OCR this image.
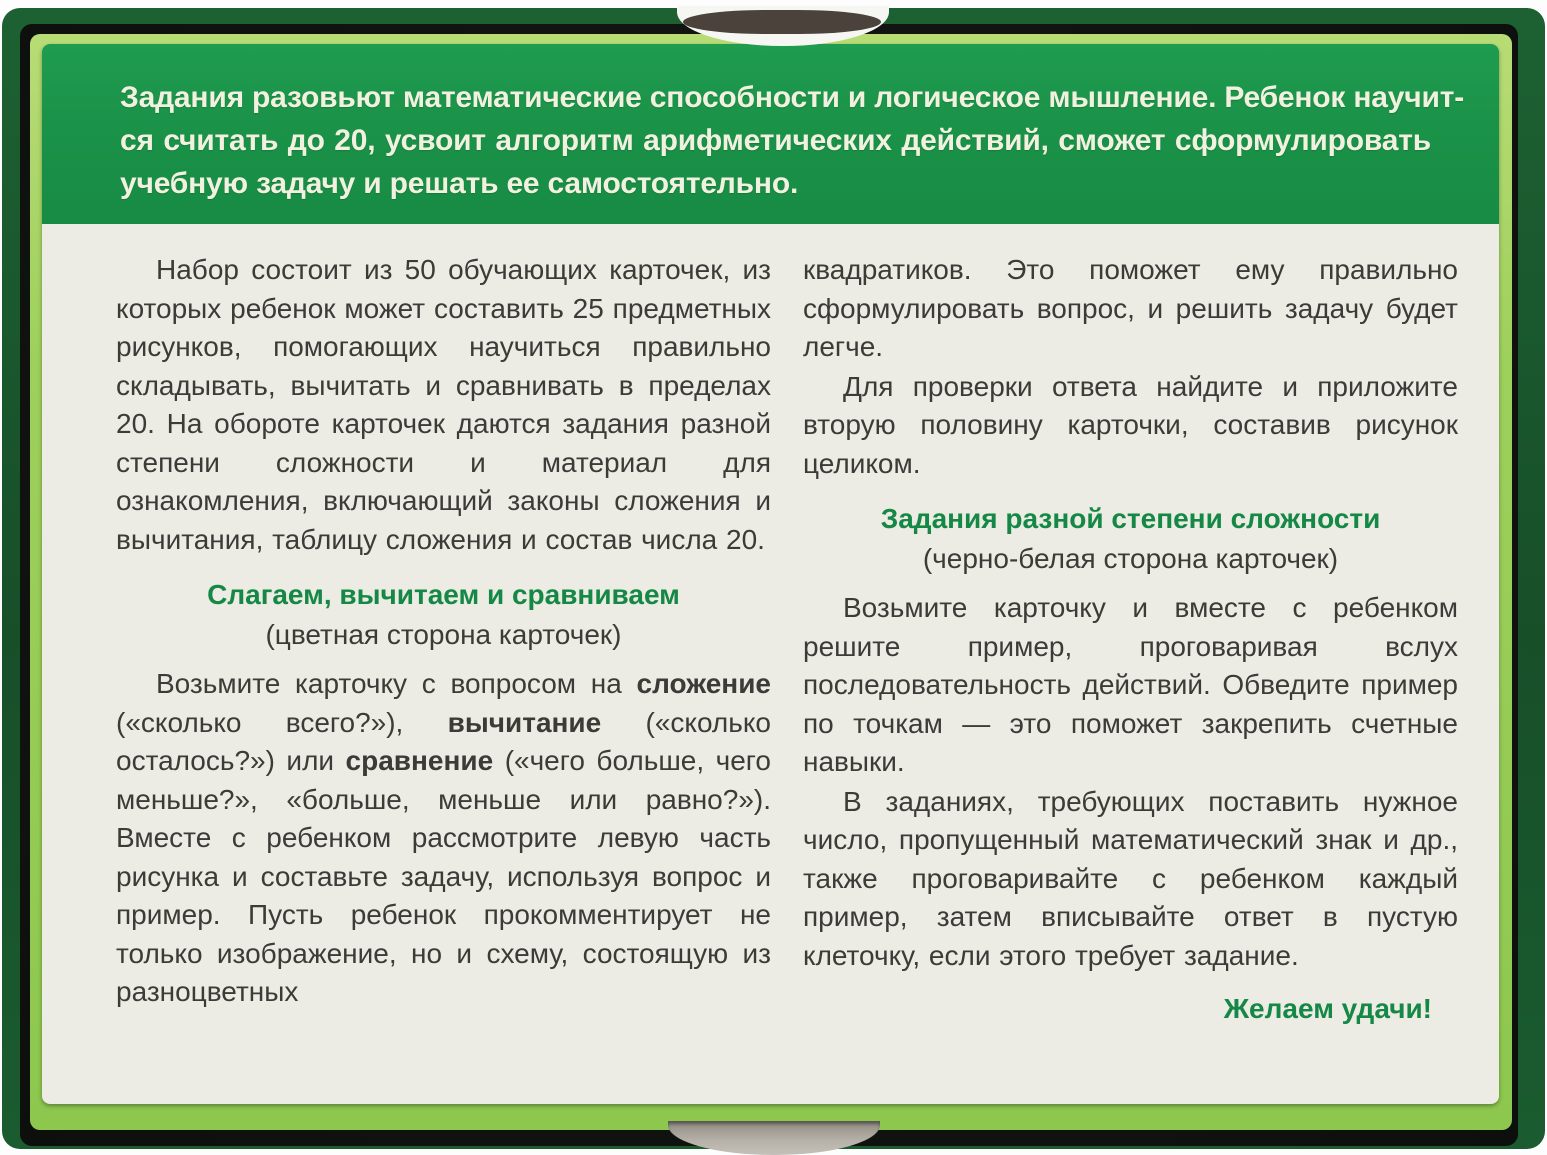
Задания разовьют математические способности и логическое мышление. Ребенок научит-
ся считать до 20, усвоит алгоритм арифметических действий, сможет сформулировать
учебную задачу и решать ее самостоятельно.

Набор состоит из 50 обучающих карточек, из которых ребенок может составить 25 предметных рисунков, помогающих научиться правильно складывать, вычитать и сравнивать в пределах 20. На обороте карточек даются задания разной степени сложности и материал для ознакомления, включающий законы сложения и вычитания, таблицу сложения и состав числа 20.

Слагаем, вычитаем и сравниваем
(цветная сторона карточек)

Возьмите карточку с вопросом на сложение («сколько всего?»), вычитание («сколько осталось?») или сравнение («чего больше, чего меньше?», «больше, меньше или равно?»). Вместе с ребенком рассмотрите левую часть рисунка и составьте задачу, используя вопрос и пример. Пусть ребенок прокомментирует не только изображение, но и схему, состоящую из разноцветных

квадратиков. Это поможет ему правильно сформулировать вопрос, и решить задачу будет легче.

Для проверки ответа найдите и приложите вторую половину карточки, составив рисунок целиком.

Задания разной степени сложности
(черно-белая сторона карточек)

Возьмите карточку и вместе с ребенком решите пример, проговаривая вслух последовательность действий. Обведите пример по точкам — это поможет закрепить счетные навыки.

В заданиях, требующих поставить нужное число, пропущенный математический знак и др., также проговаривайте с ребенком каждый пример, затем вписывайте ответ в пустую клеточку, если этого требует задание.

Желаем удачи!
